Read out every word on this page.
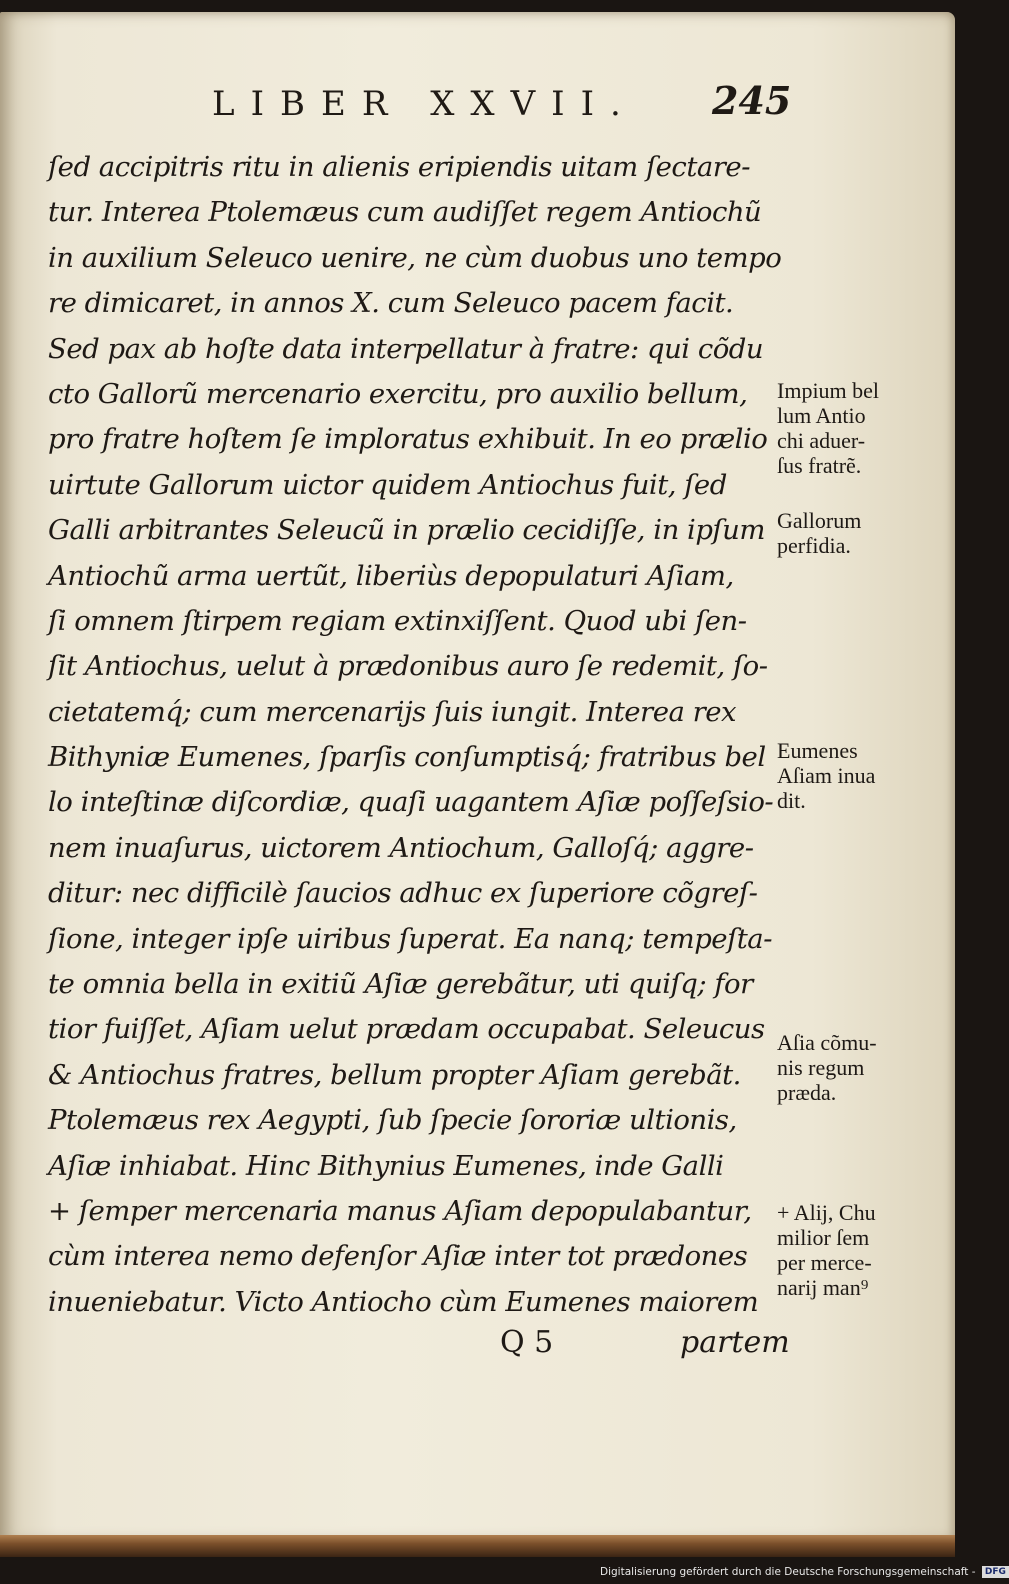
LIBER XXVII. 245
ſed accipitris ritu in alienis eripiendis uitam ſectare-
tur. Interea Ptolemæus cum audiſſet regem Antiochũ
in auxilium Seleuco uenire, ne cùm duobus uno tempo
re dimicaret, in annos X. cum Seleuco pacem facit.
Sed pax ab hoſte data interpellatur à fratre: qui cõdu
cto Gallorũ mercenario exercitu, pro auxilio bellum,
pro fratre hoſtem ſe imploratus exhibuit. In eo prælio
uirtute Gallorum uictor quidem Antiochus fuit, ſed
Galli arbitrantes Seleucũ in prælio cecidiſſe, in ipſum
Antiochũ arma uertũt, liberiùs depopulaturi Aſiam,
ſi omnem ſtirpem regiam extinxiſſent. Quod ubi ſen-
ſit Antiochus, uelut à prædonibus auro ſe redemit, ſo-
cietatemq́; cum mercenarijs ſuis iungit. Interea rex
Bithyniæ Eumenes, ſparſis conſumptisq́; fratribus bel
lo inteſtinæ diſcordiæ, quaſi uagantem Aſiæ poſſeſsio-
nem inuaſurus, uictorem Antiochum, Galloſq́; aggre-
ditur: nec difficilè ſaucios adhuc ex ſuperiore cõgreſ-
ſione, integer ipſe uiribus ſuperat. Ea nanq; tempeſta-
te omnia bella in exitiũ Aſiæ gerebãtur, uti quiſq; for
tior fuiſſet, Aſiam uelut prædam occupabat. Seleucus
& Antiochus fratres, bellum propter Aſiam gerebãt.
Ptolemæus rex Aegypti, ſub ſpecie ſororiæ ultionis,
Aſiæ inhiabat. Hinc Bithynius Eumenes, inde Galli
+ ſemper mercenaria manus Aſiam depopulabantur,
cùm interea nemo defenſor Aſiæ inter tot prædones
inueniebatur. Victo Antiocho cùm Eumenes maiorem
Q 5	partem
Impium bel
lum Antio
chi aduer-
ſus fratrẽ.
Gallorum
perfidia.
Eumenes
Aſiam inua
dit.
Aſia cõmu-
nis regum
præda.
+ Alij, Chu
milior ſem
per merce-
narij man⁹
Digitalisierung gefördert durch die Deutsche Forschungsgemeinschaft - DFG
